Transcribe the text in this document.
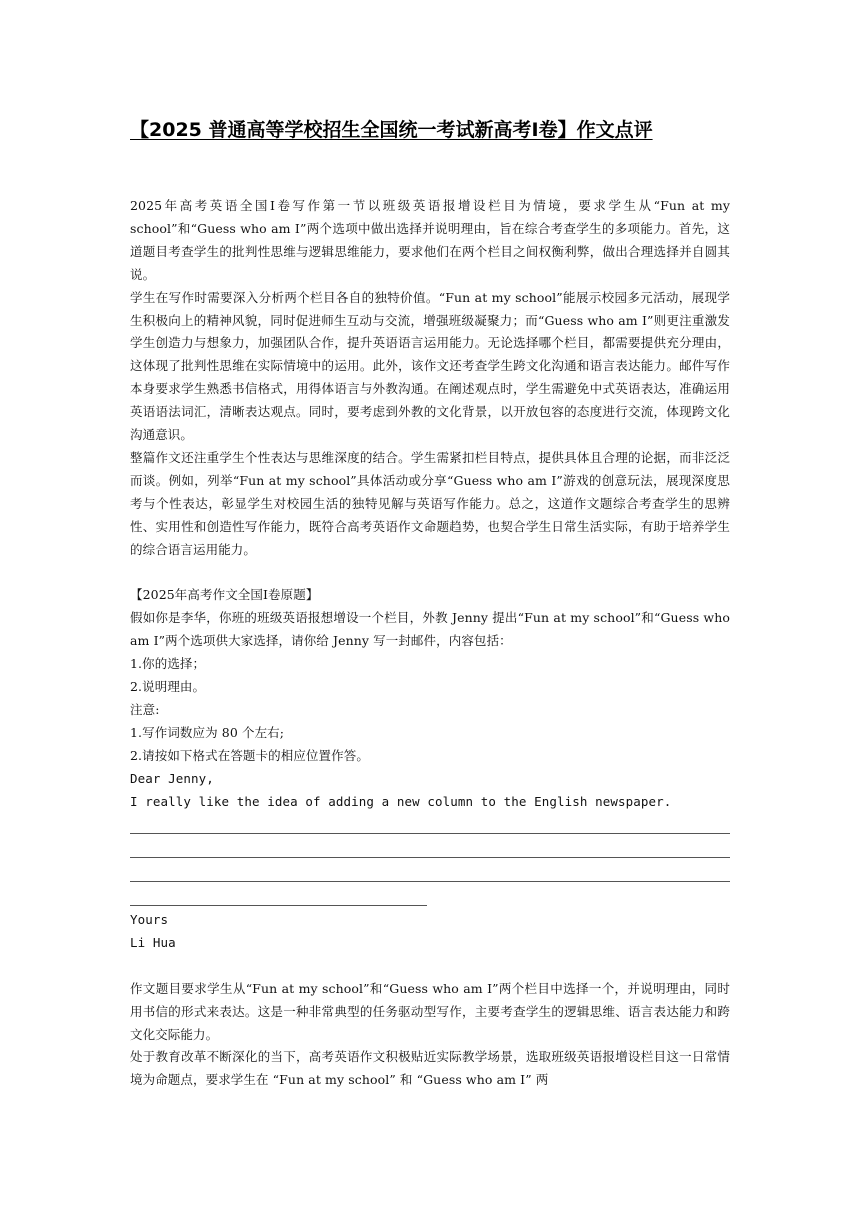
【2025 普通高等学校招生全国统一考试新高考Ⅰ卷】作文点评

2025年高考英语全国Ⅰ卷写作第一节以班级英语报增设栏目为情境，要求学生从“Fun at my school”和“Guess who am I”两个选项中做出选择并说明理由，旨在综合考查学生的多项能力。首先，这道题目考查学生的批判性思维与逻辑思维能力，要求他们在两个栏目之间权衡利弊，做出合理选择并自圆其说。

学生在写作时需要深入分析两个栏目各自的独特价值。“Fun at my school”能展示校园多元活动，展现学生积极向上的精神风貌，同时促进师生互动与交流，增强班级凝聚力；而“Guess who am I”则更注重激发学生创造力与想象力，加强团队合作，提升英语语言运用能力。无论选择哪个栏目，都需要提供充分理由，这体现了批判性思维在实际情境中的运用。此外，该作文还考查学生跨文化沟通和语言表达能力。邮件写作本身要求学生熟悉书信格式，用得体语言与外教沟通。在阐述观点时，学生需避免中式英语表达，准确运用英语语法词汇，清晰表达观点。同时，要考虑到外教的文化背景，以开放包容的态度进行交流，体现跨文化沟通意识。

整篇作文还注重学生个性表达与思维深度的结合。学生需紧扣栏目特点，提供具体且合理的论据，而非泛泛而谈。例如，列举“Fun at my school”具体活动或分享“Guess who am I”游戏的创意玩法，展现深度思考与个性表达，彰显学生对校园生活的独特见解与英语写作能力。总之，这道作文题综合考查学生的思辨性、实用性和创造性写作能力，既符合高考英语作文命题趋势，也契合学生日常生活实际，有助于培养学生的综合语言运用能力。

【2025年高考作文全国Ⅰ卷原题】

假如你是李华，你班的班级英语报想增设一个栏目，外教 Jenny 提出“Fun at my school”和“Guess who am I”两个选项供大家选择，请你给 Jenny 写一封邮件，内容包括：

1.你的选择；

2.说明理由。

注意:

1.写作词数应为 80 个左右;

2.请按如下格式在答题卡的相应位置作答。

Dear Jenny,

I really like the idea of adding a new column to the English newspaper.

Yours

Li Hua

作文题目要求学生从“Fun at my school”和“Guess who am I”两个栏目中选择一个，并说明理由，同时用书信的形式来表达。这是一种非常典型的任务驱动型写作，主要考查学生的逻辑思维、语言表达能力和跨文化交际能力。

处于教育改革不断深化的当下，高考英语作文积极贴近实际教学场景，选取班级英语报增设栏目这一日常情境为命题点，要求学生在 “Fun at my school” 和 “Guess who am I” 两
